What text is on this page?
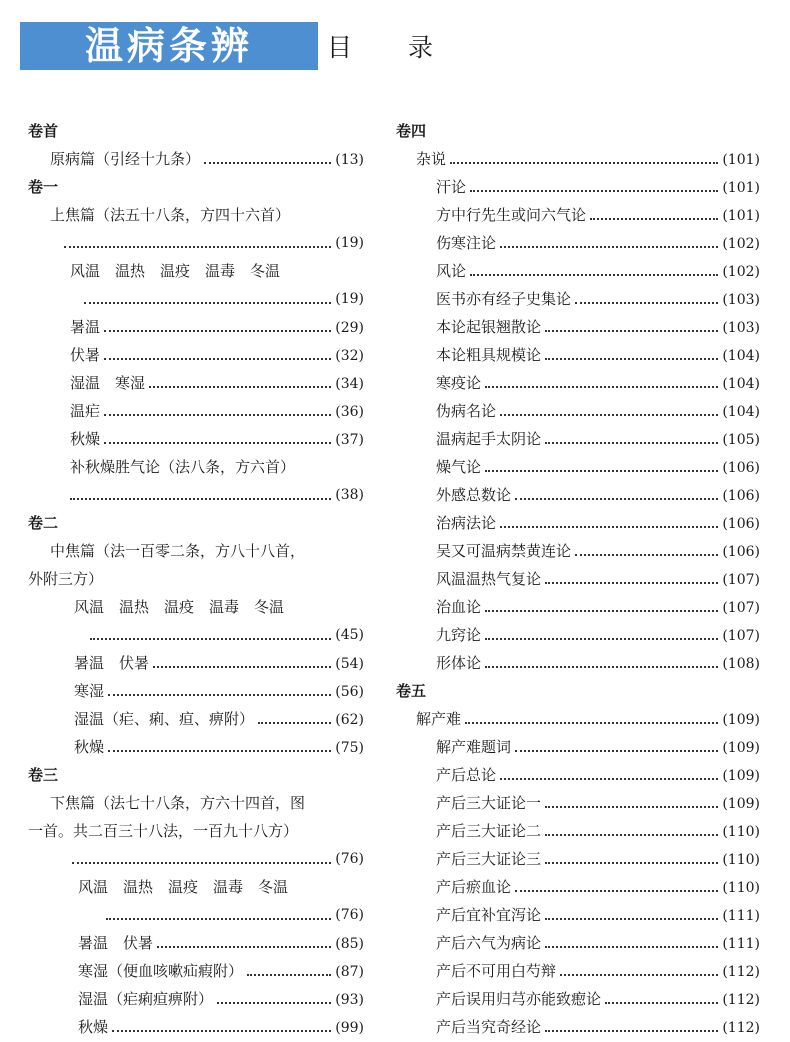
温病条辨	目 录
卷首
原病篇（引经十九条）	(13)
卷一
上焦篇（法五十八条，方四十六首）
(19)
风温　温热　温疫　温毒　冬温
(19)
暑温	(29)
伏暑	(32)
湿温　寒湿	(34)
温疟	(36)
秋燥	(37)
补秋燥胜气论（法八条，方六首）
(38)
卷二
中焦篇（法一百零二条，方八十八首，
外附三方）
风温　温热　温疫　温毒　冬温
(45)
暑温　伏暑	(54)
寒湿	(56)
湿温（疟、痢、疸、痹附）	(62)
秋燥	(75)
卷三
下焦篇（法七十八条，方六十四首，图
一首。共二百三十八法，一百九十八方）
(76)
风温　温热　温疫　温毒　冬温
(76)
暑温　伏暑	(85)
寒湿（便血咳嗽疝瘕附）	(87)
湿温（疟痢疸痹附）	(93)
秋燥	(99)
卷四
杂说	(101)
汗论	(101)
方中行先生或问六气论	(101)
伤寒注论	(102)
风论	(102)
医书亦有经子史集论	(103)
本论起银翘散论	(103)
本论粗具规模论	(104)
寒疫论	(104)
伪病名论	(104)
温病起手太阴论	(105)
燥气论	(106)
外感总数论	(106)
治病法论	(106)
吴又可温病禁黄连论	(106)
风温温热气复论	(107)
治血论	(107)
九窍论	(107)
形体论	(108)
卷五
解产难	(109)
解产难题词	(109)
产后总论	(109)
产后三大证论一	(109)
产后三大证论二	(110)
产后三大证论三	(110)
产后瘀血论	(110)
产后宜补宜泻论	(111)
产后六气为病论	(111)
产后不可用白芍辩	(112)
产后误用归芎亦能致瘛论	(112)
产后当究奇经论	(112)
